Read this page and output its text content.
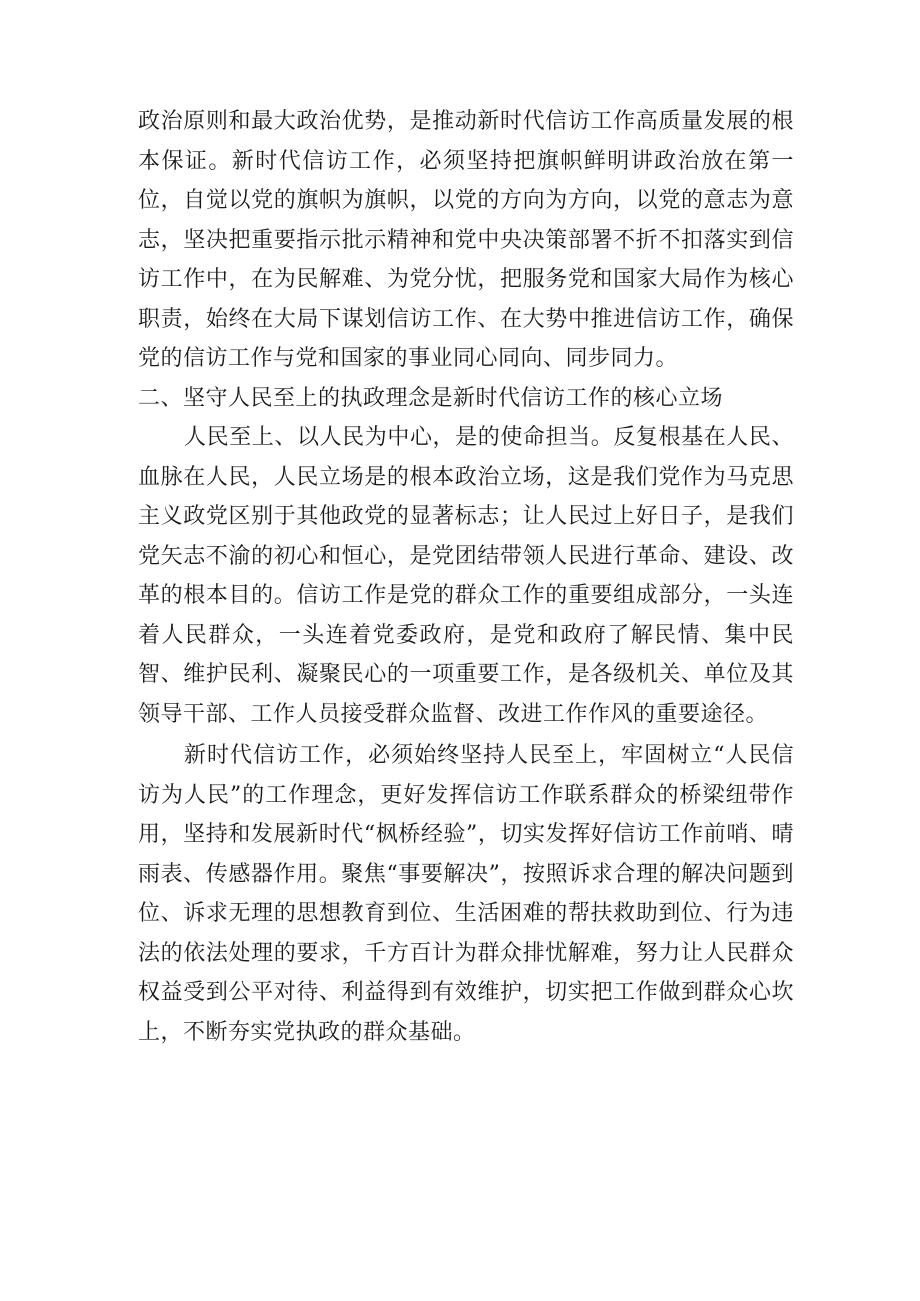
政治原则和最大政治优势，是推动新时代信访工作高质量发展的根本保证。新时代信访工作，必须坚持把旗帜鲜明讲政治放在第一位，自觉以党的旗帜为旗帜，以党的方向为方向，以党的意志为意志，坚决把重要指示批示精神和党中央决策部署不折不扣落实到信访工作中，在为民解难、为党分忧，把服务党和国家大局作为核心职责，始终在大局下谋划信访工作、在大势中推进信访工作，确保党的信访工作与党和国家的事业同心同向、同步同力。

二、坚守人民至上的执政理念是新时代信访工作的核心立场

人民至上、以人民为中心，是的使命担当。反复根基在人民、血脉在人民，人民立场是的根本政治立场，这是我们党作为马克思主义政党区别于其他政党的显著标志；让人民过上好日子，是我们党矢志不渝的初心和恒心，是党团结带领人民进行革命、建设、改革的根本目的。信访工作是党的群众工作的重要组成部分，一头连着人民群众，一头连着党委政府，是党和政府了解民情、集中民智、维护民利、凝聚民心的一项重要工作，是各级机关、单位及其领导干部、工作人员接受群众监督、改进工作作风的重要途径。

新时代信访工作，必须始终坚持人民至上，牢固树立“人民信访为人民”的工作理念，更好发挥信访工作联系群众的桥梁纽带作用，坚持和发展新时代“枫桥经验”，切实发挥好信访工作前哨、晴雨表、传感器作用。聚焦“事要解决”，按照诉求合理的解决问题到位、诉求无理的思想教育到位、生活困难的帮扶救助到位、行为违法的依法处理的要求，千方百计为群众排忧解难，努力让人民群众权益受到公平对待、利益得到有效维护，切实把工作做到群众心坎上，不断夯实党执政的群众基础。
